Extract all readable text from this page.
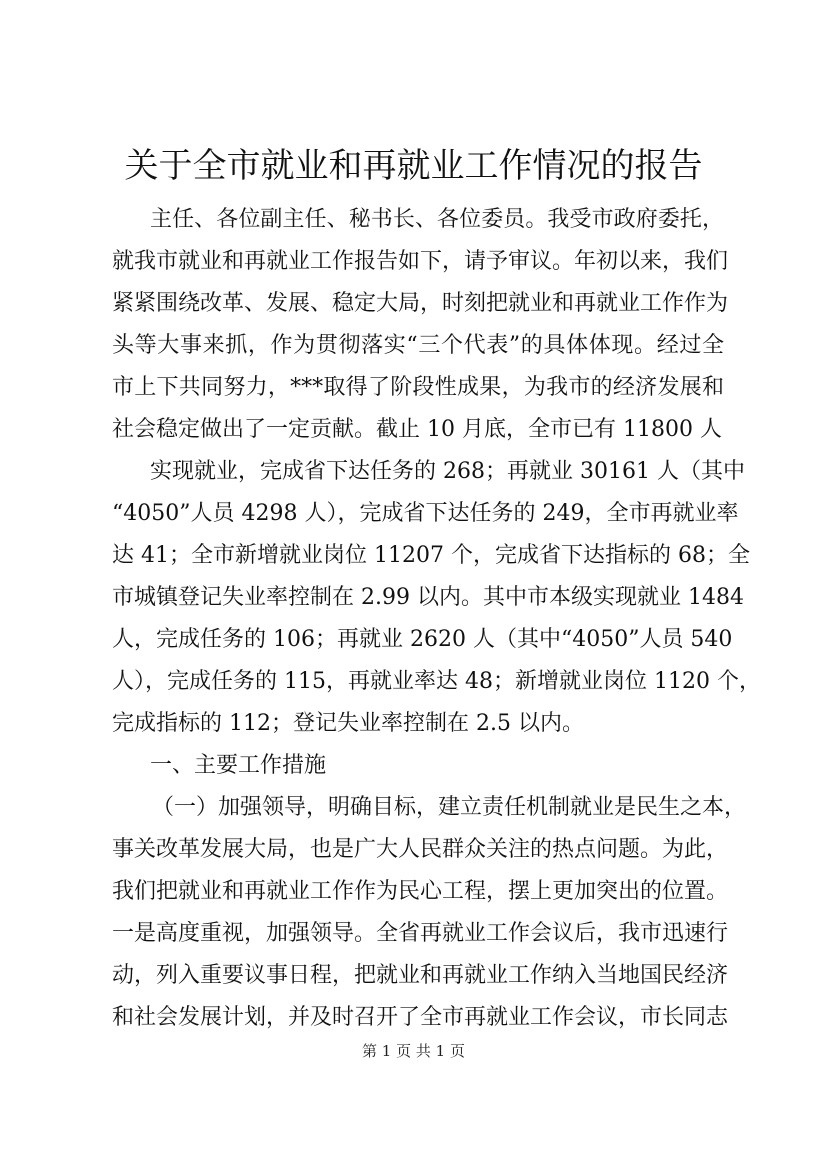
关于全市就业和再就业工作情况的报告
主任、各位副主任、秘书长、各位委员。我受市政府委托，
就我市就业和再就业工作报告如下，请予审议。年初以来，我们
紧紧围绕改革、发展、稳定大局，时刻把就业和再就业工作作为
头等大事来抓，作为贯彻落实“三个代表”的具体体现。经过全
市上下共同努力，***取得了阶段性成果，为我市的经济发展和
社会稳定做出了一定贡献。截止 10 月底，全市已有 11800 人
实现就业，完成省下达任务的 268；再就业 30161 人（其中
“4050”人员 4298 人），完成省下达任务的 249，全市再就业率
达 41；全市新增就业岗位 11207 个，完成省下达指标的 68；全
市城镇登记失业率控制在 2.99 以内。其中市本级实现就业 1484
人，完成任务的 106；再就业 2620 人（其中“4050”人员 540
人），完成任务的 115，再就业率达 48；新增就业岗位 1120 个，
完成指标的 112；登记失业率控制在 2.5 以内。
一、主要工作措施
（一）加强领导，明确目标，建立责任机制就业是民生之本，
事关改革发展大局，也是广大人民群众关注的热点问题。为此，
我们把就业和再就业工作作为民心工程，摆上更加突出的位置。
一是高度重视，加强领导。全省再就业工作会议后，我市迅速行
动，列入重要议事日程，把就业和再就业工作纳入当地国民经济
和社会发展计划，并及时召开了全市再就业工作会议，市长同志
第 1 页 共 1 页
